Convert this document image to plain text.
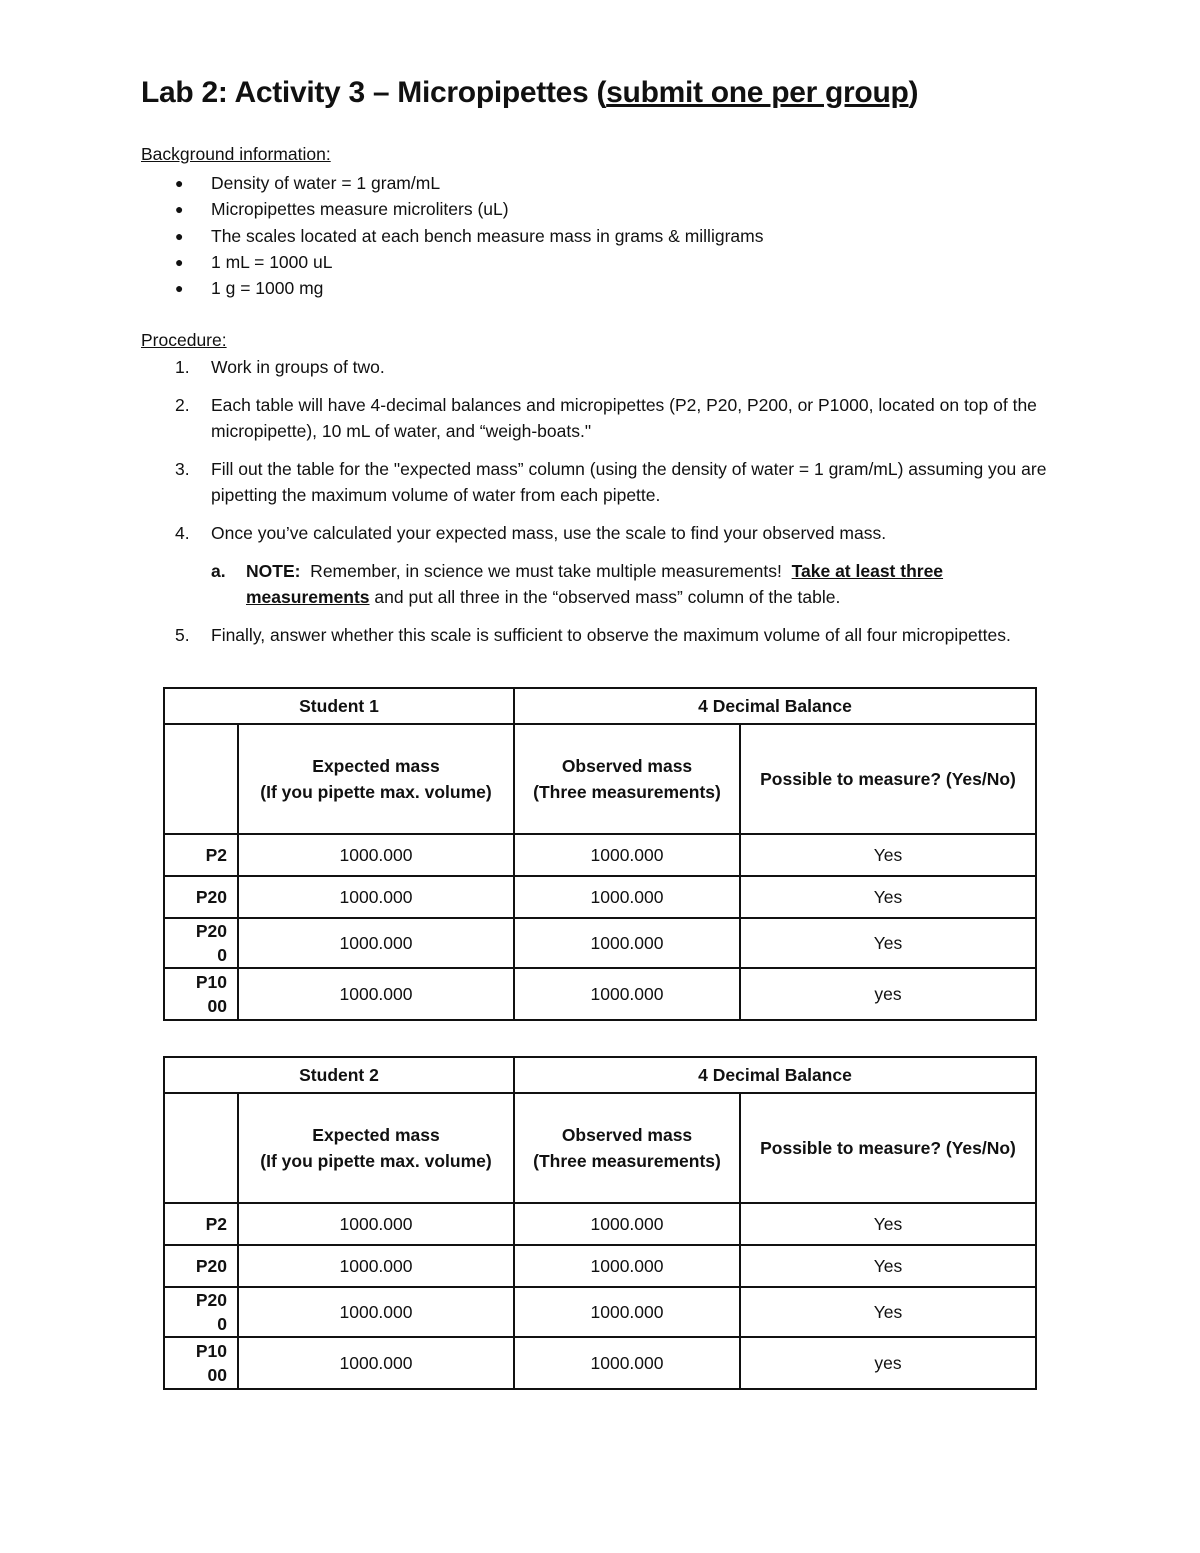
Lab 2: Activity 3 – Micropipettes (submit one per group)
Background information:
● Density of water = 1 gram/mL
● Micropipettes measure microliters (uL)
● The scales located at each bench measure mass in grams & milligrams
● 1 mL = 1000 uL
● 1 g = 1000 mg
Procedure:
1. Work in groups of two.
2. Each table will have 4-decimal balances and micropipettes (P2, P20, P200, or P1000, located on top of the micropipette), 10 mL of water, and “weigh-boats."
3. Fill out the table for the "expected mass” column (using the density of water = 1 gram/mL) assuming you are pipetting the maximum volume of water from each pipette.
4. Once you’ve calculated your expected mass, use the scale to find your observed mass.
a. NOTE:  Remember, in science we must take multiple measurements!  Take at least three measurements and put all three in the “observed mass” column of the table.
5. Finally, answer whether this scale is sufficient to observe the maximum volume of all four micropipettes.
Student 1		4 Decimal Balance	
	Expected mass
(If you pipette max. volume)	Observed mass
(Three measurements)	Possible to measure? (Yes/No)
P2	1000.000	1000.000	Yes
P20	1000.000	1000.000	Yes
P200	1000.000	1000.000	Yes
P1000	1000.000	1000.000	yes
Student 2		4 Decimal Balance	
	Expected mass
(If you pipette max. volume)	Observed mass
(Three measurements)	Possible to measure? (Yes/No)
P2	1000.000	1000.000	Yes
P20	1000.000	1000.000	Yes
P200	1000.000	1000.000	Yes
P1000	1000.000	1000.000	yes
